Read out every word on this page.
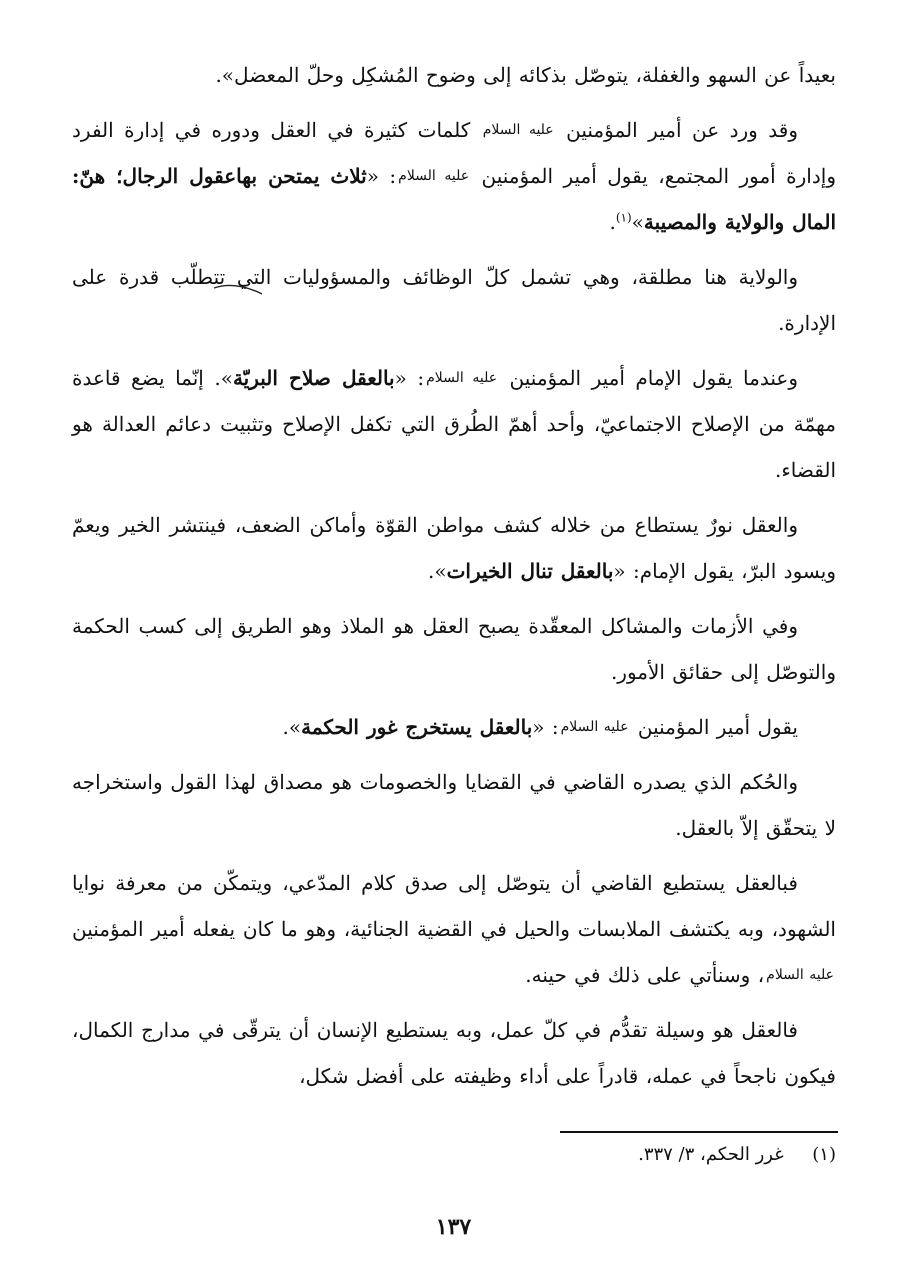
بعيداً عن السهو والغفلة، يتوصّل بذكائه إلى وضوح المُشكِل وحلّ المعضل».

وقد ورد عن أمير المؤمنين عليه السلام كلمات كثيرة في العقل ودوره في إدارة الفرد وإدارة أمور المجتمع، يقول أمير المؤمنين عليه السلام: «ثلاث يمتحن بهاعقول الرجال؛ هنّ: المال والولاية والمصيبة»$^{(١)}$.

والولاية هنا مطلقة، وهي تشمل كلّ الوظائف والمسؤوليات التي تتطلّب قدرة على الإدارة.

وعندما يقول الإمام أمير المؤمنين عليه السلام: «بالعقل صلاح البريّة». إنّما يضع قاعدة مهمّة من الإصلاح الاجتماعيّ، وأحد أهمّ الطُرق التي تكفل الإصلاح وتثبيت دعائم العدالة هو القضاء.

والعقل نورٌ يستطاع من خلاله كشف مواطن القوّة وأماكن الضعف، فينتشر الخير ويعمّ ويسود البرّ، يقول الإمام: «بالعقل تنال الخيرات».

وفي الأزمات والمشاكل المعقّدة يصبح العقل هو الملاذ وهو الطريق إلى كسب الحكمة والتوصّل إلى حقائق الأمور.

يقول أمير المؤمنين عليه السلام: «بالعقل يستخرج غور الحكمة».

والحُكم الذي يصدره القاضي في القضايا والخصومات هو مصداق لهذا القول واستخراجه لا يتحقّق إلاّ بالعقل.

فبالعقل يستطيع القاضي أن يتوصّل إلى صدق كلام المدّعي، ويتمكّن من معرفة نوايا الشهود، وبه يكتشف الملابسات والحيل في القضية الجنائية، وهو ما كان يفعله أمير المؤمنين عليه السلام، وسنأتي على ذلك في حينه.

فالعقل هو وسيلة تقدُّم في كلّ عمل، وبه يستطيع الإنسان أن يترقّى في مدارج الكمال، فيكون ناجحاً في عمله، قادراً على أداء وظيفته على أفضل شكل،

(١)     غرر الحكم، ٣/ ٣٣٧.
١٣٧
